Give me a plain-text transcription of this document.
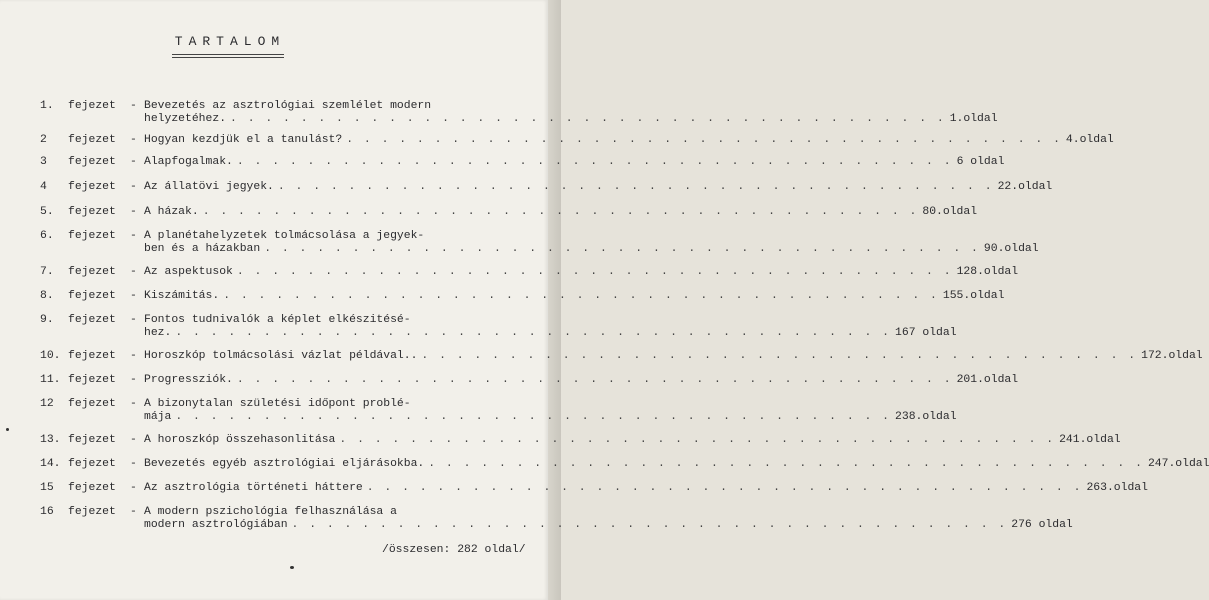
TARTALOM
1.	fejezet - Bevezetés az asztrológiai szemlélet modern
helyzetéhez. . . . . . . . . . . . . . . . . . . . . . . . . . . . . . . . . . . . . . . . . . 1.oldal
2	fejezet - Hogyan kezdjük el a tanulást? . . . . . . . . . . . . . . . . . . . . . . . . . . . . . . . . . . . . . . . . . 4.oldal
3	fejezet - Alapfogalmak. . . . . . . . . . . . . . . . . . . . . . . . . . . . . . . . . . . . . . . . . . 6 oldal
4	fejezet - Az állatövi jegyek. . . . . . . . . . . . . . . . . . . . . . . . . . . . . . . . . . . . . . . . . . 22.oldal
5.	fejezet - A házak. . . . . . . . . . . . . . . . . . . . . . . . . . . . . . . . . . . . . . . . . . 80.oldal
6.	fejezet - A planétahelyzetek tolmácsolása a jegyek-
ben és a házakban . . . . . . . . . . . . . . . . . . . . . . . . . . . . . . . . . . . . . . . . . 90.oldal
7.	fejezet - Az aspektusok . . . . . . . . . . . . . . . . . . . . . . . . . . . . . . . . . . . . . . . . . 128.oldal
8.	fejezet - Kiszámitás. . . . . . . . . . . . . . . . . . . . . . . . . . . . . . . . . . . . . . . . . . 155.oldal
9.	fejezet - Fontos tudnivalók a képlet elkészitésé-
hez. . . . . . . . . . . . . . . . . . . . . . . . . . . . . . . . . . . . . . . . . . 167 oldal
10. fejezet - Horoszkóp tolmácsolási vázlat példával.. . . . . . . . . . . . . . . . . . . . . . . . . . . . . . . . . . . . . . . . . . 172.oldal
11. fejezet - Progressziók. . . . . . . . . . . . . . . . . . . . . . . . . . . . . . . . . . . . . . . . . . 201.oldal
12	fejezet - A bizonytalan születési időpont problé-
mája . . . . . . . . . . . . . . . . . . . . . . . . . . . . . . . . . . . . . . . . . 238.oldal
13. fejezet - A horoszkóp összehasonlitása . . . . . . . . . . . . . . . . . . . . . . . . . . . . . . . . . . . . . . . . . 241.oldal
14. fejezet - Bevezetés egyéb asztrológiai eljárásokba. . . . . . . . . . . . . . . . . . . . . . . . . . . . . . . . . . . . . . . . . . 247.oldal
15	fejezet - Az asztrológia történeti háttere . . . . . . . . . . . . . . . . . . . . . . . . . . . . . . . . . . . . . . . . . 263.oldal
16	fejezet - A modern pszichológia felhasználása a
modern asztrológiában . . . . . . . . . . . . . . . . . . . . . . . . . . . . . . . . . . . . . . . . . 276 oldal
/összesen: 282 oldal/
